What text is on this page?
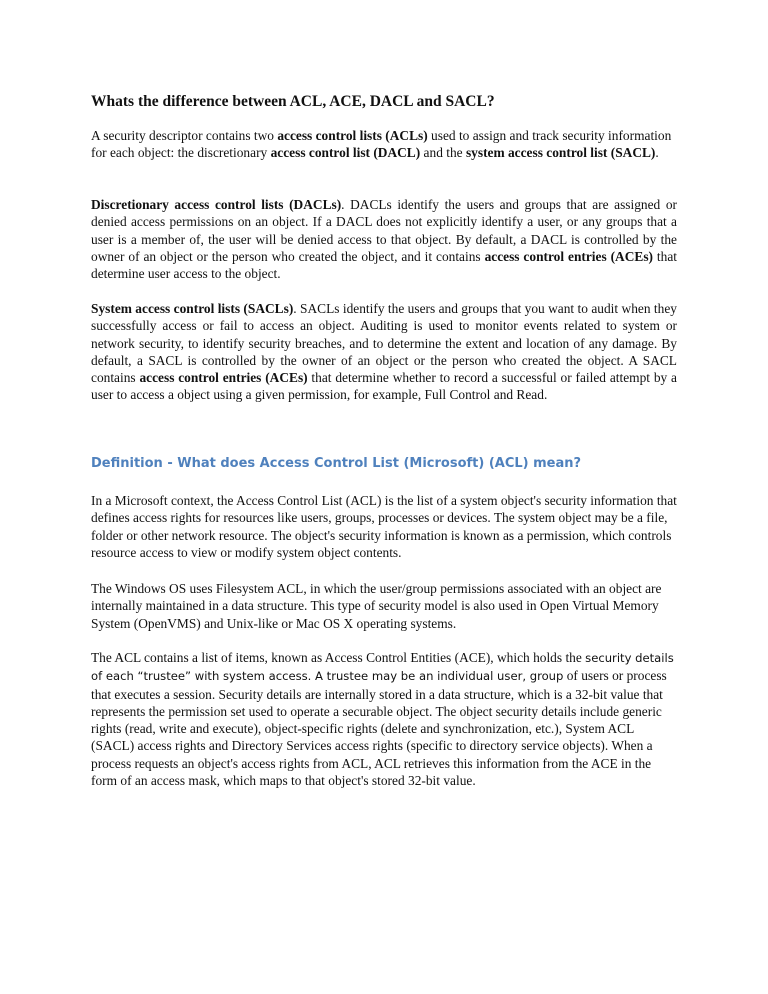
Whats the difference between ACL, ACE, DACL and SACL?

A security descriptor contains two access control lists (ACLs) used to assign and track security information for each object: the discretionary access control list (DACL) and the system access control list (SACL).

Discretionary access control lists (DACLs). DACLs identify the users and groups that are assigned or denied access permissions on an object. If a DACL does not explicitly identify a user, or any groups that a user is a member of, the user will be denied access to that object. By default, a DACL is controlled by the owner of an object or the person who created the object, and it contains access control entries (ACEs) that determine user access to the object.

System access control lists (SACLs). SACLs identify the users and groups that you want to audit when they successfully access or fail to access an object. Auditing is used to monitor events related to system or network security, to identify security breaches, and to determine the extent and location of any damage. By default, a SACL is controlled by the owner of an object or the person who created the object. A SACL contains access control entries (ACEs) that determine whether to record a successful or failed attempt by a user to access a object using a given permission, for example, Full Control and Read.

Definition - What does Access Control List (Microsoft) (ACL) mean?

In a Microsoft context, the Access Control List (ACL) is the list of a system object's security information that defines access rights for resources like users, groups, processes or devices. The system object may be a file, folder or other network resource. The object's security information is known as a permission, which controls resource access to view or modify system object contents.

The Windows OS uses Filesystem ACL, in which the user/group permissions associated with an object are internally maintained in a data structure. This type of security model is also used in Open Virtual Memory System (OpenVMS) and Unix-like or Mac OS X operating systems.

The ACL contains a list of items, known as Access Control Entities (ACE), which holds the security details of each “trustee” with system access. A trustee may be an individual user, group of users or process that executes a session. Security details are internally stored in a data structure, which is a 32-bit value that represents the permission set used to operate a securable object. The object security details include generic rights (read, write and execute), object-specific rights (delete and synchronization, etc.), System ACL (SACL) access rights and Directory Services access rights (specific to directory service objects). When a process requests an object's access rights from ACL, ACL retrieves this information from the ACE in the form of an access mask, which maps to that object's stored 32-bit value.
